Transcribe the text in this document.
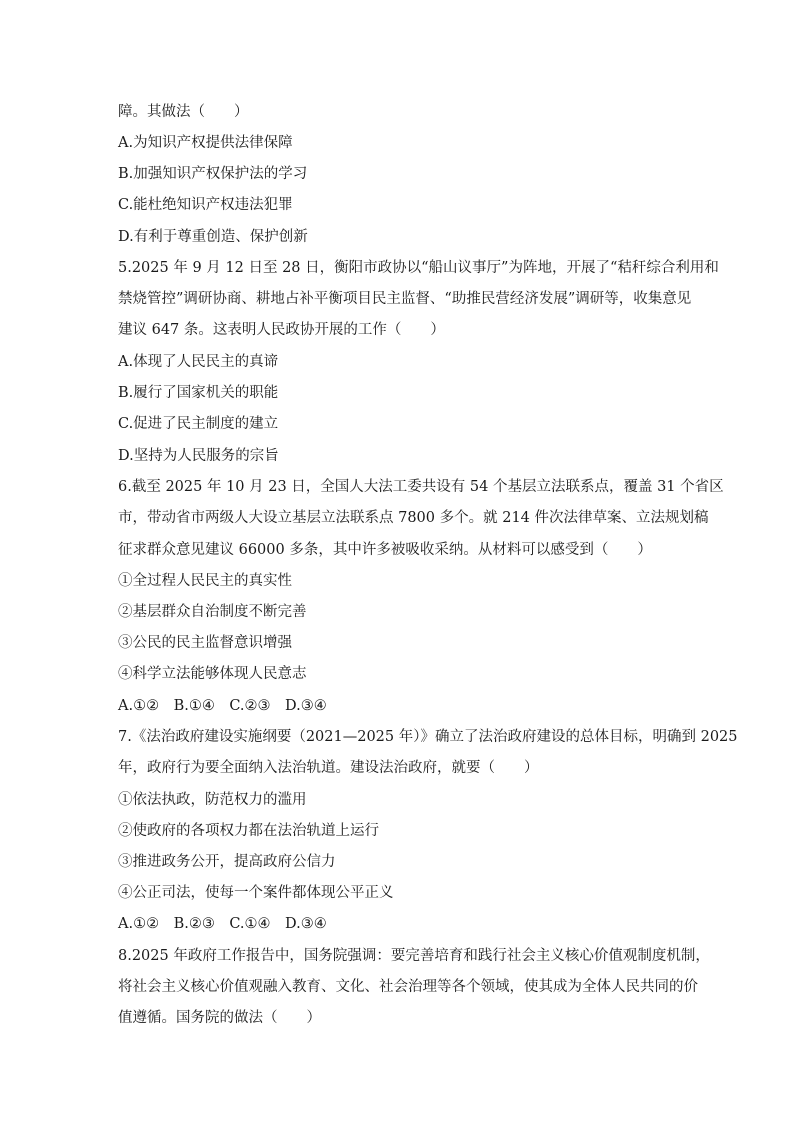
障。其做法（　　）
A.为知识产权提供法律保障
B.加强知识产权保护法的学习
C.能杜绝知识产权违法犯罪
D.有利于尊重创造、保护创新
5.2025 年 9 月 12 日至 28 日，衡阳市政协以“船山议事厅”为阵地，开展了“秸秆综合利用和
禁烧管控”调研协商、耕地占补平衡项目民主监督、“助推民营经济发展”调研等，收集意见
建议 647 条。这表明人民政协开展的工作（　　）
A.体现了人民民主的真谛
B.履行了国家机关的职能
C.促进了民主制度的建立
D.坚持为人民服务的宗旨
6.截至 2025 年 10 月 23 日，全国人大法工委共设有 54 个基层立法联系点，覆盖 31 个省区
市，带动省市两级人大设立基层立法联系点 7800 多个。就 214 件次法律草案、立法规划稿
征求群众意见建议 66000 多条，其中许多被吸收采纳。从材料可以感受到（　　）
①全过程人民民主的真实性
②基层群众自治制度不断完善
③公民的民主监督意识增强
④科学立法能够体现人民意志
A.①②　B.①④　C.②③　D.③④
7.《法治政府建设实施纲要（2021—2025 年）》确立了法治政府建设的总体目标，明确到 2025
年，政府行为要全面纳入法治轨道。建设法治政府，就要（　　）
①依法执政，防范权力的滥用
②使政府的各项权力都在法治轨道上运行
③推进政务公开，提高政府公信力
④公正司法，使每一个案件都体现公平正义
A.①②　B.②③　C.①④　D.③④
8.2025 年政府工作报告中，国务院强调：要完善培育和践行社会主义核心价值观制度机制，
将社会主义核心价值观融入教育、文化、社会治理等各个领域，使其成为全体人民共同的价
值遵循。国务院的做法（　　）
